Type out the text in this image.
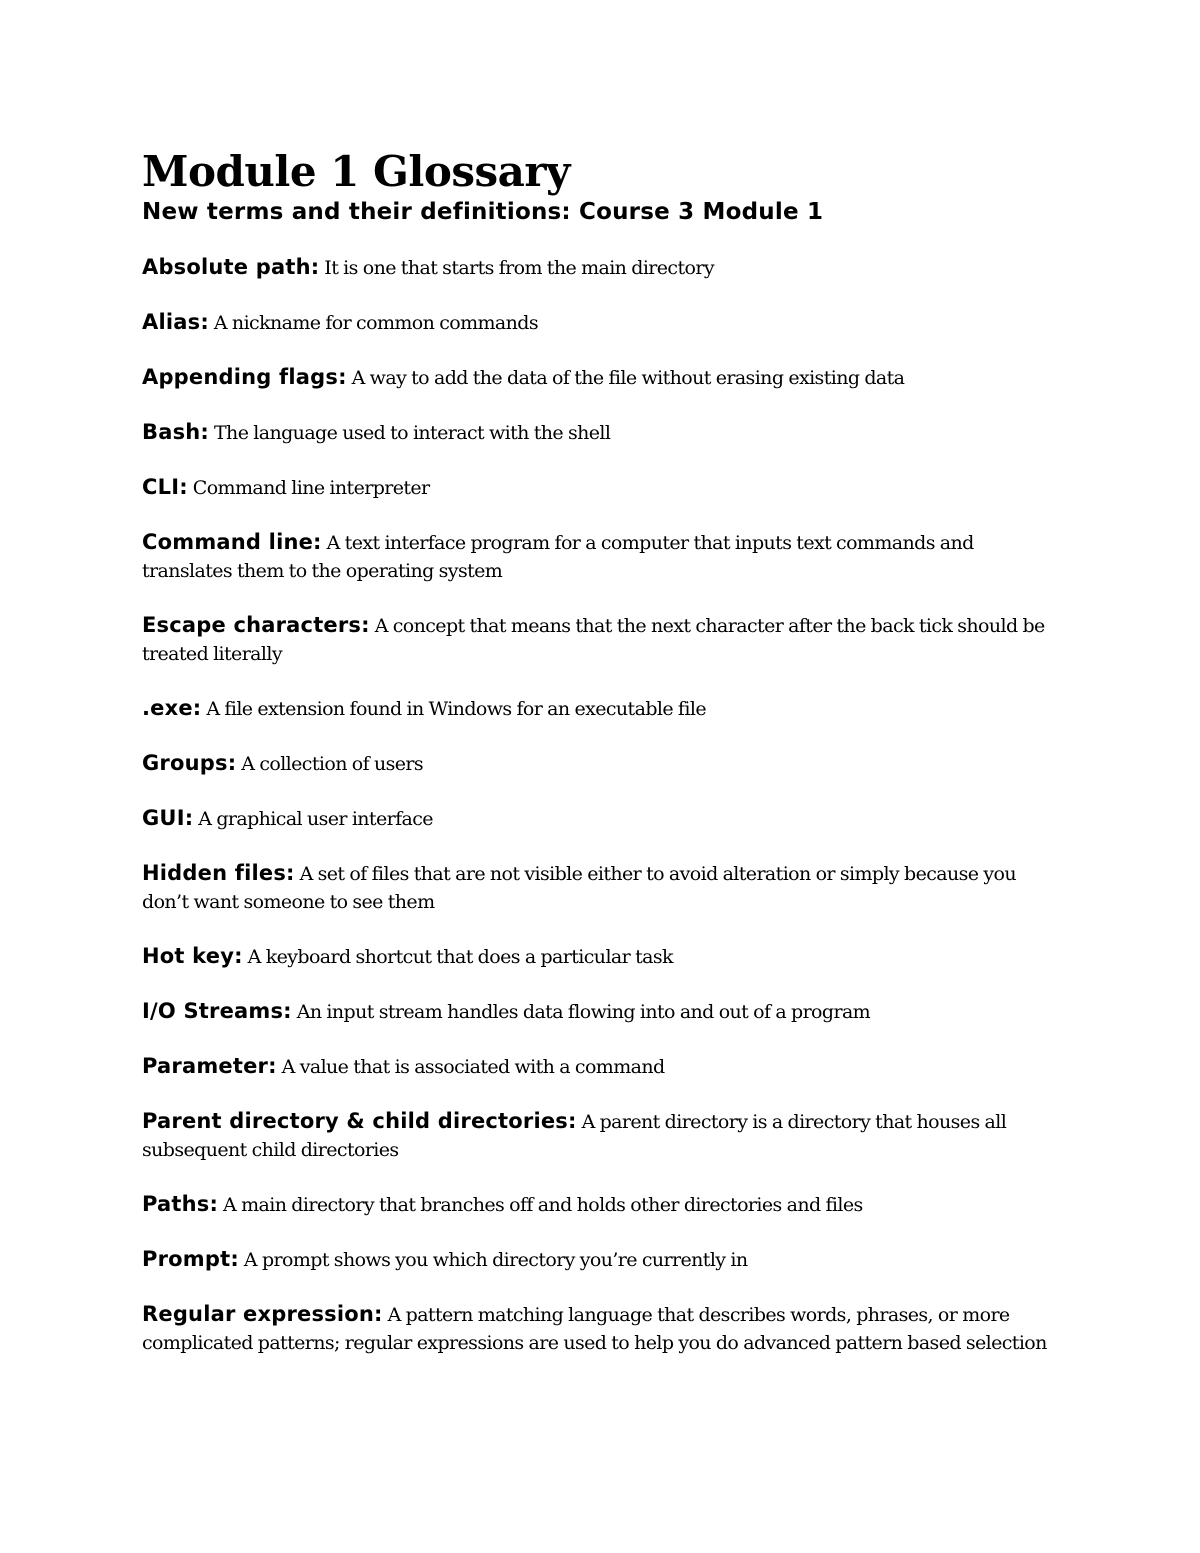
Module 1 Glossary
New terms and their definitions: Course 3 Module 1
Absolute path: It is one that starts from the main directory
Alias: A nickname for common commands
Appending flags: A way to add the data of the file without erasing existing data
Bash: The language used to interact with the shell
CLI: Command line interpreter
Command line: A text interface program for a computer that inputs text commands and translates them to the operating system
Escape characters: A concept that means that the next character after the back tick should be treated literally
.exe: A file extension found in Windows for an executable file
Groups: A collection of users
GUI: A graphical user interface
Hidden files: A set of files that are not visible either to avoid alteration or simply because you don’t want someone to see them
Hot key: A keyboard shortcut that does a particular task
I/O Streams: An input stream handles data flowing into and out of a program
Parameter: A value that is associated with a command
Parent directory & child directories: A parent directory is a directory that houses all subsequent child directories
Paths: A main directory that branches off and holds other directories and files
Prompt: A prompt shows you which directory you’re currently in
Regular expression: A pattern matching language that describes words, phrases, or more complicated patterns; regular expressions are used to help you do advanced pattern based selection
